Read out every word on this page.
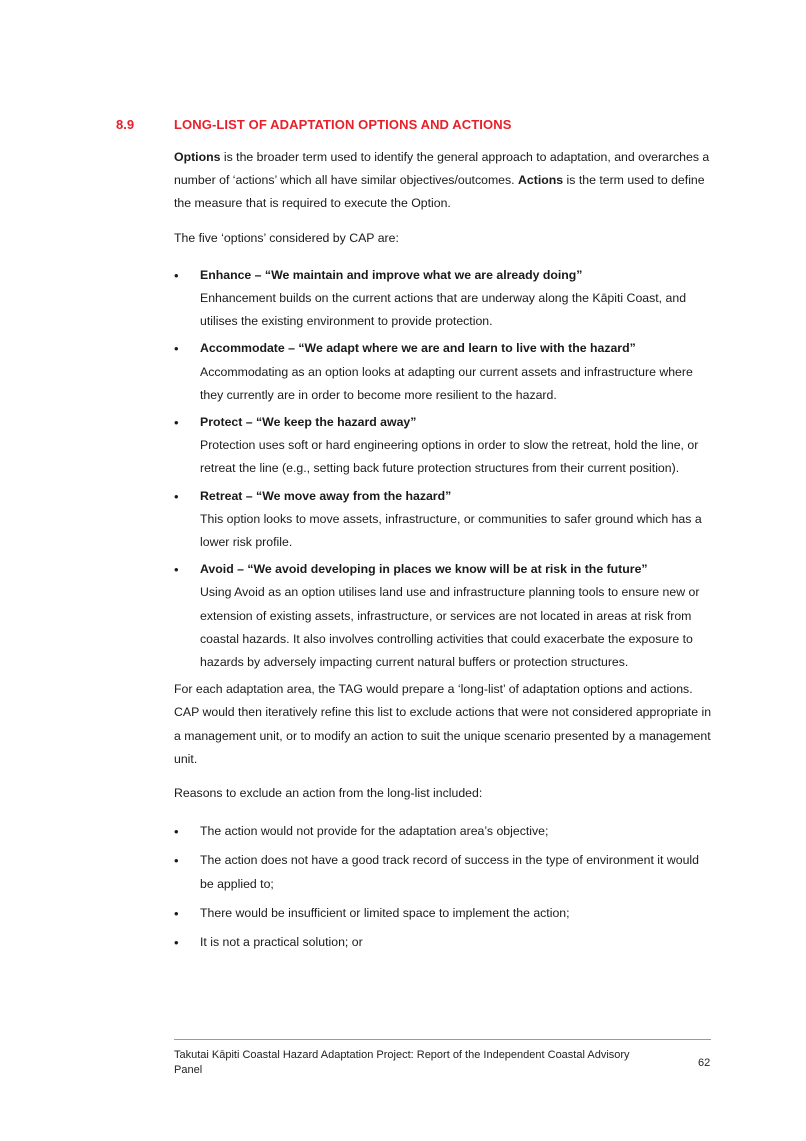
8.9	LONG-LIST OF ADAPTATION OPTIONS AND ACTIONS

Options is the broader term used to identify the general approach to adaptation, and overarches a number of ‘actions’ which all have similar objectives/outcomes. Actions is the term used to define the measure that is required to execute the Option.

The five ‘options’ considered by CAP are:

• Enhance – “We maintain and improve what we are already doing”
Enhancement builds on the current actions that are underway along the Kāpiti Coast, and utilises the existing environment to provide protection.
• Accommodate – “We adapt where we are and learn to live with the hazard”
Accommodating as an option looks at adapting our current assets and infrastructure where they currently are in order to become more resilient to the hazard.
• Protect – “We keep the hazard away”
Protection uses soft or hard engineering options in order to slow the retreat, hold the line, or retreat the line (e.g., setting back future protection structures from their current position).
• Retreat – “We move away from the hazard”
This option looks to move assets, infrastructure, or communities to safer ground which has a lower risk profile.
• Avoid – “We avoid developing in places we know will be at risk in the future”
Using Avoid as an option utilises land use and infrastructure planning tools to ensure new or extension of existing assets, infrastructure, or services are not located in areas at risk from coastal hazards. It also involves controlling activities that could exacerbate the exposure to hazards by adversely impacting current natural buffers or protection structures.

For each adaptation area, the TAG would prepare a ‘long-list’ of adaptation options and actions. CAP would then iteratively refine this list to exclude actions that were not considered appropriate in a management unit, or to modify an action to suit the unique scenario presented by a management unit.

Reasons to exclude an action from the long-list included:

• The action would not provide for the adaptation area’s objective;
• The action does not have a good track record of success in the type of environment it would be applied to;
• There would be insufficient or limited space to implement the action;
• It is not a practical solution; or
Takutai Kāpiti Coastal Hazard Adaptation Project: Report of the Independent Coastal Advisory Panel
62
